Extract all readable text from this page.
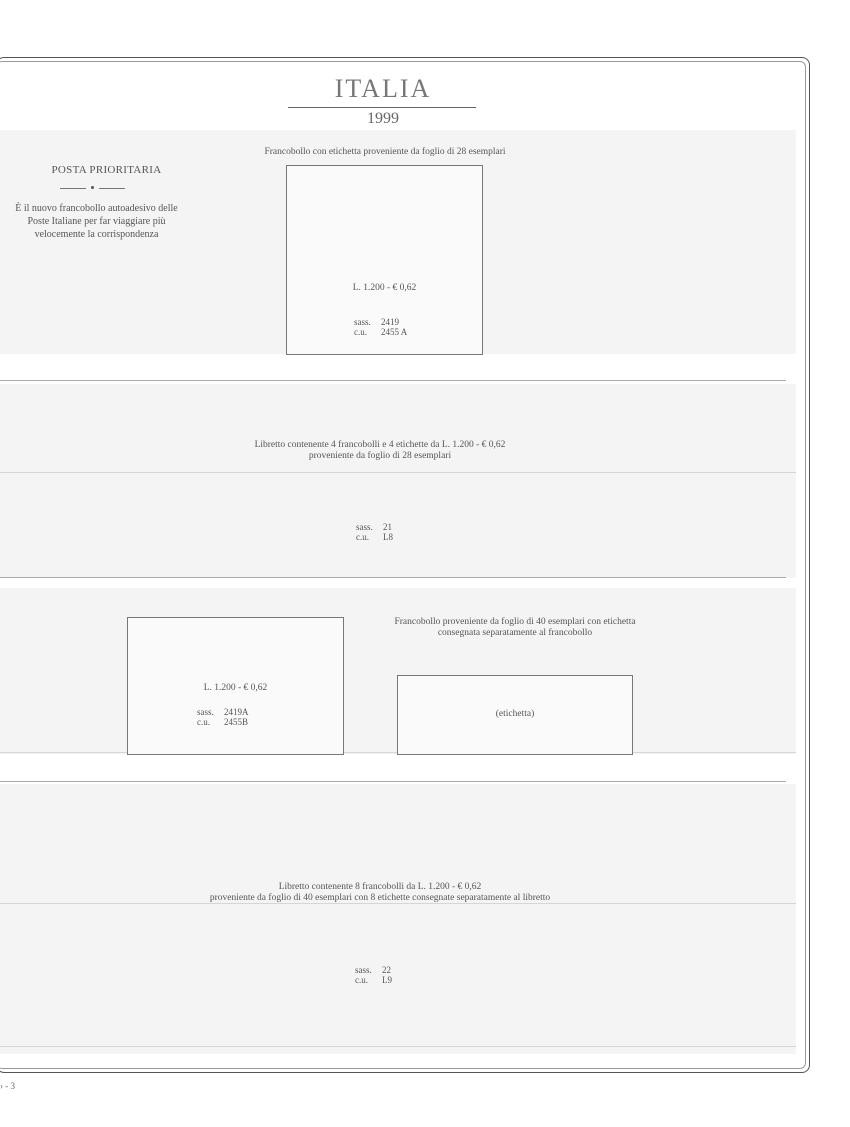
ITALIA
1999
POSTA PRIORITARIA
È il nuovo francobollo autoadesivo delle Poste Italiane per far viaggiare più velocemente la corrispondenza
Francobollo con etichetta proveniente da foglio di 28 esemplari
L. 1.200 - € 0,62
sass. 2419
c.u. 2455 A
Libretto contenente 4 francobolli e 4 etichette da L. 1.200 - € 0,62
proveniente da foglio di 28 esemplari
sass. 21
c.u. L8
L. 1.200 - € 0,62
sass. 2419A
c.u. 2455B
Francobollo proveniente da foglio di 40 esemplari con etichetta
consegnata separatamente al francobollo
(etichetta)
Libretto contenente 8 francobolli da L. 1.200 - € 0,62
proveniente da foglio di 40 esemplari con 8 etichette consegnate separatamente al libretto
sass. 22
c.u. L9
› - 3
